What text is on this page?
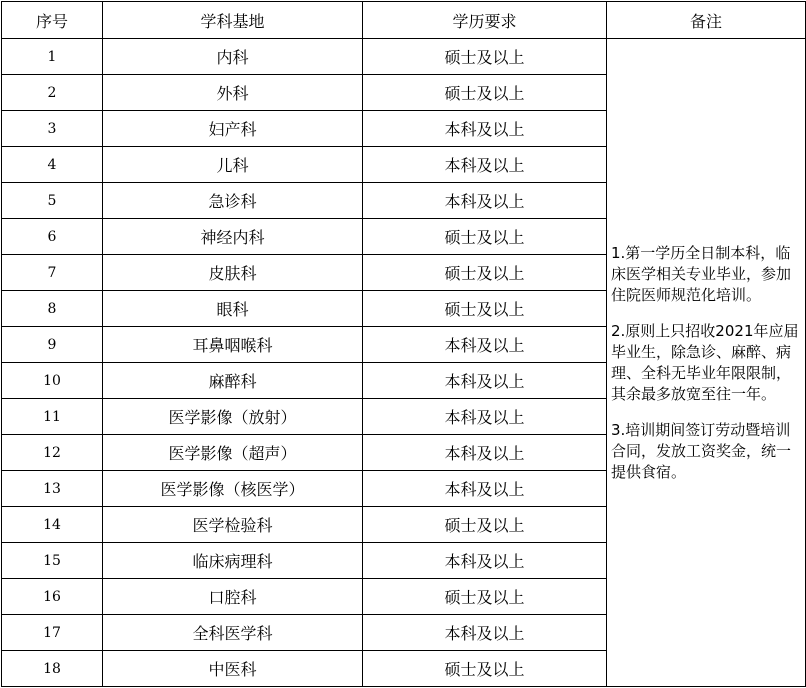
序号	学科基地	学历要求	备注
1	内科	硕士及以上	1.第一学历全日制本科，临床医学相关专业毕业，参加住院医师规范化培训。
2.原则上只招收2021年应届毕业生，除急诊、麻醉、病理、全科无毕业年限限制，其余最多放宽至往一年。
3.培训期间签订劳动暨培训合同，发放工资奖金，统一提供食宿。

2	外科	硕士及以上	
3	妇产科	本科及以上	
4	儿科	本科及以上	
5	急诊科	本科及以上	
6	神经内科	硕士及以上	
7	皮肤科	硕士及以上	
8	眼科	硕士及以上	
9	耳鼻咽喉科	本科及以上	
10	麻醉科	本科及以上	
11	医学影像（放射）	本科及以上	
12	医学影像（超声）	本科及以上	
13	医学影像（核医学）	本科及以上	
14	医学检验科	硕士及以上	
15	临床病理科	本科及以上	
16	口腔科	硕士及以上	
17	全科医学科	本科及以上	
18	中医科	硕士及以上	
